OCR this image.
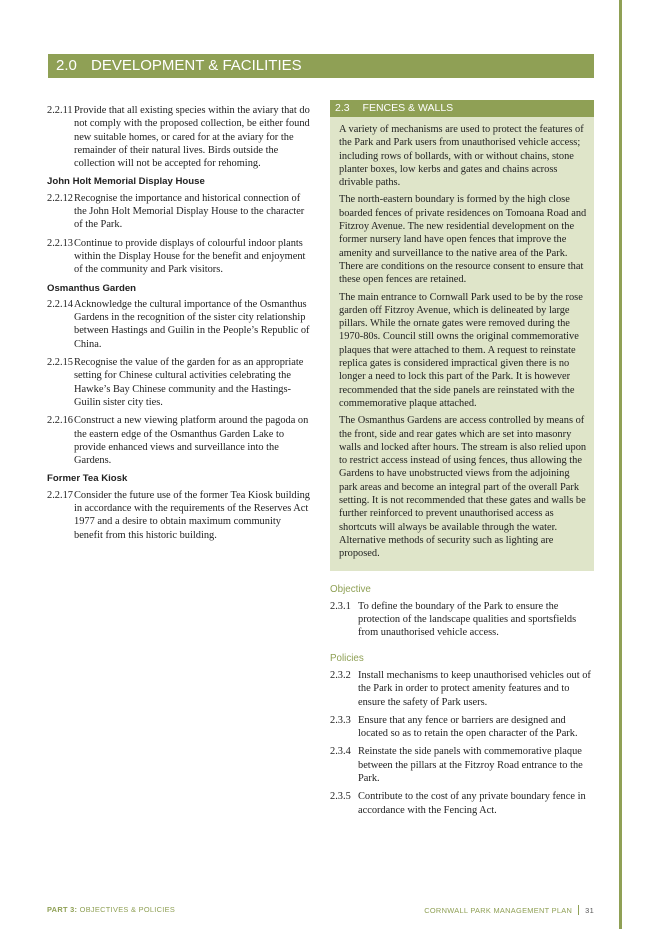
2.0 DEVELOPMENT & FACILITIES
2.2.11 Provide that all existing species within the aviary that do not comply with the proposed collection, be either found new suitable homes, or cared for at the aviary for the remainder of their natural lives. Birds outside the collection will not be accepted for rehoming.
John Holt Memorial Display House
2.2.12 Recognise the importance and historical connection of the John Holt Memorial Display House to the character of the Park.
2.2.13 Continue to provide displays of colourful indoor plants within the Display House for the benefit and enjoyment of the community and Park visitors.
Osmanthus Garden
2.2.14 Acknowledge the cultural importance of the Osmanthus Gardens in the recognition of the sister city relationship between Hastings and Guilin in the People’s Republic of China.
2.2.15 Recognise the value of the garden for as an appropriate setting for Chinese cultural activities celebrating the Hawke’s Bay Chinese community and the Hastings-Guilin sister city ties.
2.2.16 Construct a new viewing platform around the pagoda on the eastern edge of the Osmanthus Garden Lake to provide enhanced views and surveillance into the Gardens.
Former Tea Kiosk
2.2.17 Consider the future use of the former Tea Kiosk building in accordance with the requirements of the Reserves Act 1977 and a desire to obtain maximum community benefit from this historic building.
2.3 FENCES & WALLS

A variety of mechanisms are used to protect the features of the Park and Park users from unauthorised vehicle access; including rows of bollards, with or without chains, stone planter boxes, low kerbs and gates and chains across drivable paths.

The north-eastern boundary is formed by the high close boarded fences of private residences on Tomoana Road and Fitzroy Avenue. The new residential development on the former nursery land have open fences that improve the amenity and surveillance to the native area of the Park. There are conditions on the resource consent to ensure that these open fences are retained.

The main entrance to Cornwall Park used to be by the rose garden off Fitzroy Avenue, which is delineated by large pillars. While the ornate gates were removed during the 1970-80s. Council still owns the original commemorative plaques that were attached to them. A request to reinstate replica gates is considered impractical given there is no longer a need to lock this part of the Park. It is however recommended that the side panels are reinstated with the commemorative plaque attached.

The Osmanthus Gardens are access controlled by means of the front, side and rear gates which are set into masonry walls and locked after hours. The stream is also relied upon to restrict access instead of using fences, thus allowing the Gardens to have unobstructed views from the adjoining park areas and become an integral part of the overall Park setting. It is not recommended that these gates and walls be further reinforced to prevent unauthorised access as shortcuts will always be available through the water. Alternative methods of security such as lighting are proposed.

Objective
2.3.1 To define the boundary of the Park to ensure the protection of the landscape qualities and sportsfields from unauthorised vehicle access.
Policies
2.3.2 Install mechanisms to keep unauthorised vehicles out of the Park in order to protect amenity features and to ensure the safety of Park users.
2.3.3 Ensure that any fence or barriers are designed and located so as to retain the open character of the Park.
2.3.4 Reinstate the side panels with commemorative plaque between the pillars at the Fitzroy Road entrance to the Park.
2.3.5 Contribute to the cost of any private boundary fence in accordance with the Fencing Act.
PART 3: OBJECTIVES & POLICIES	CORNWALL PARK MANAGEMENT PLAN 31
